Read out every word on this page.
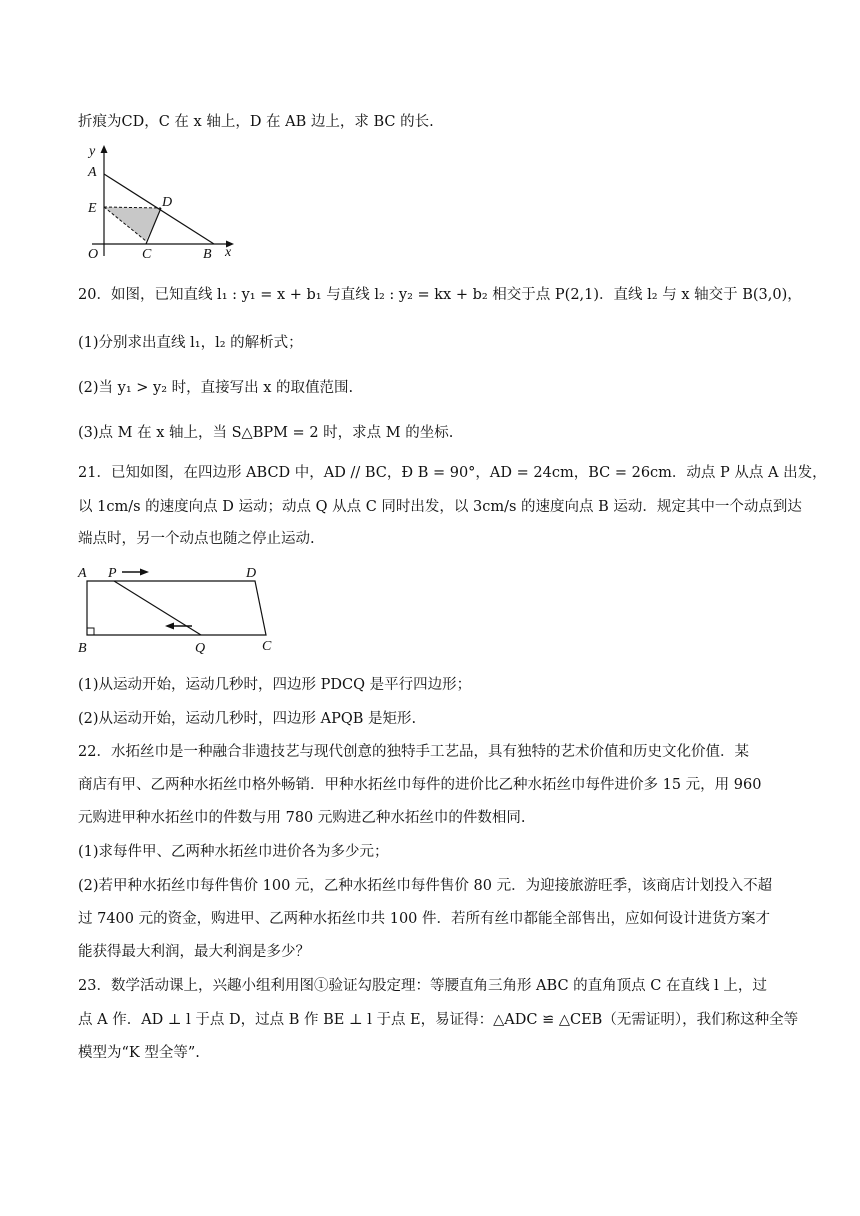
折痕为CD，C 在 x 轴上，D 在 AB 边上，求 BC 的长.
y
A
D
E
O	C	B x
20．如图，已知直线 l₁ : y₁ = x + b₁ 与直线 l₂ : y₂ = kx + b₂ 相交于点 P(2,1)．直线 l₂ 与 x 轴交于 B(3,0)，
(1)分别求出直线 l₁，l₂ 的解析式；
(2)当 y₁ > y₂ 时，直接写出 x 的取值范围.
(3)点 M 在 x 轴上，当 S△BPM = 2 时，求点 M 的坐标.
21．已知如图，在四边形 ABCD 中，AD // BC，Ð B = 90°，AD = 24cm，BC = 26cm．动点 P 从点 A 出发，
以 1cm/s 的速度向点 D 运动；动点 Q 从点 C 同时出发，以 3cm/s 的速度向点 B 运动．规定其中一个动点到达
端点时，另一个动点也随之停止运动.
A P	D
B	Q	C
(1)从运动开始，运动几秒时，四边形 PDCQ 是平行四边形；
(2)从运动开始，运动几秒时，四边形 APQB 是矩形.
22．水拓丝巾是一种融合非遗技艺与现代创意的独特手工艺品，具有独特的艺术价值和历史文化价值．某
商店有甲、乙两种水拓丝巾格外畅销．甲种水拓丝巾每件的进价比乙种水拓丝巾每件进价多 15 元，用 960
元购进甲种水拓丝巾的件数与用 780 元购进乙种水拓丝巾的件数相同.
(1)求每件甲、乙两种水拓丝巾进价各为多少元；
(2)若甲种水拓丝巾每件售价 100 元，乙种水拓丝巾每件售价 80 元．为迎接旅游旺季，该商店计划投入不超
过 7400 元的资金，购进甲、乙两种水拓丝巾共 100 件．若所有丝巾都能全部售出，应如何设计进货方案才
能获得最大利润，最大利润是多少？
23．数学活动课上，兴趣小组利用图①验证勾股定理：等腰直角三角形 ABC 的直角顶点 C 在直线 l 上，过
点 A 作．AD ⊥ l 于点 D，过点 B 作 BE ⊥ l 于点 E，易证得：△ADC ≌ △CEB（无需证明），我们称这种全等
模型为“K 型全等”.
